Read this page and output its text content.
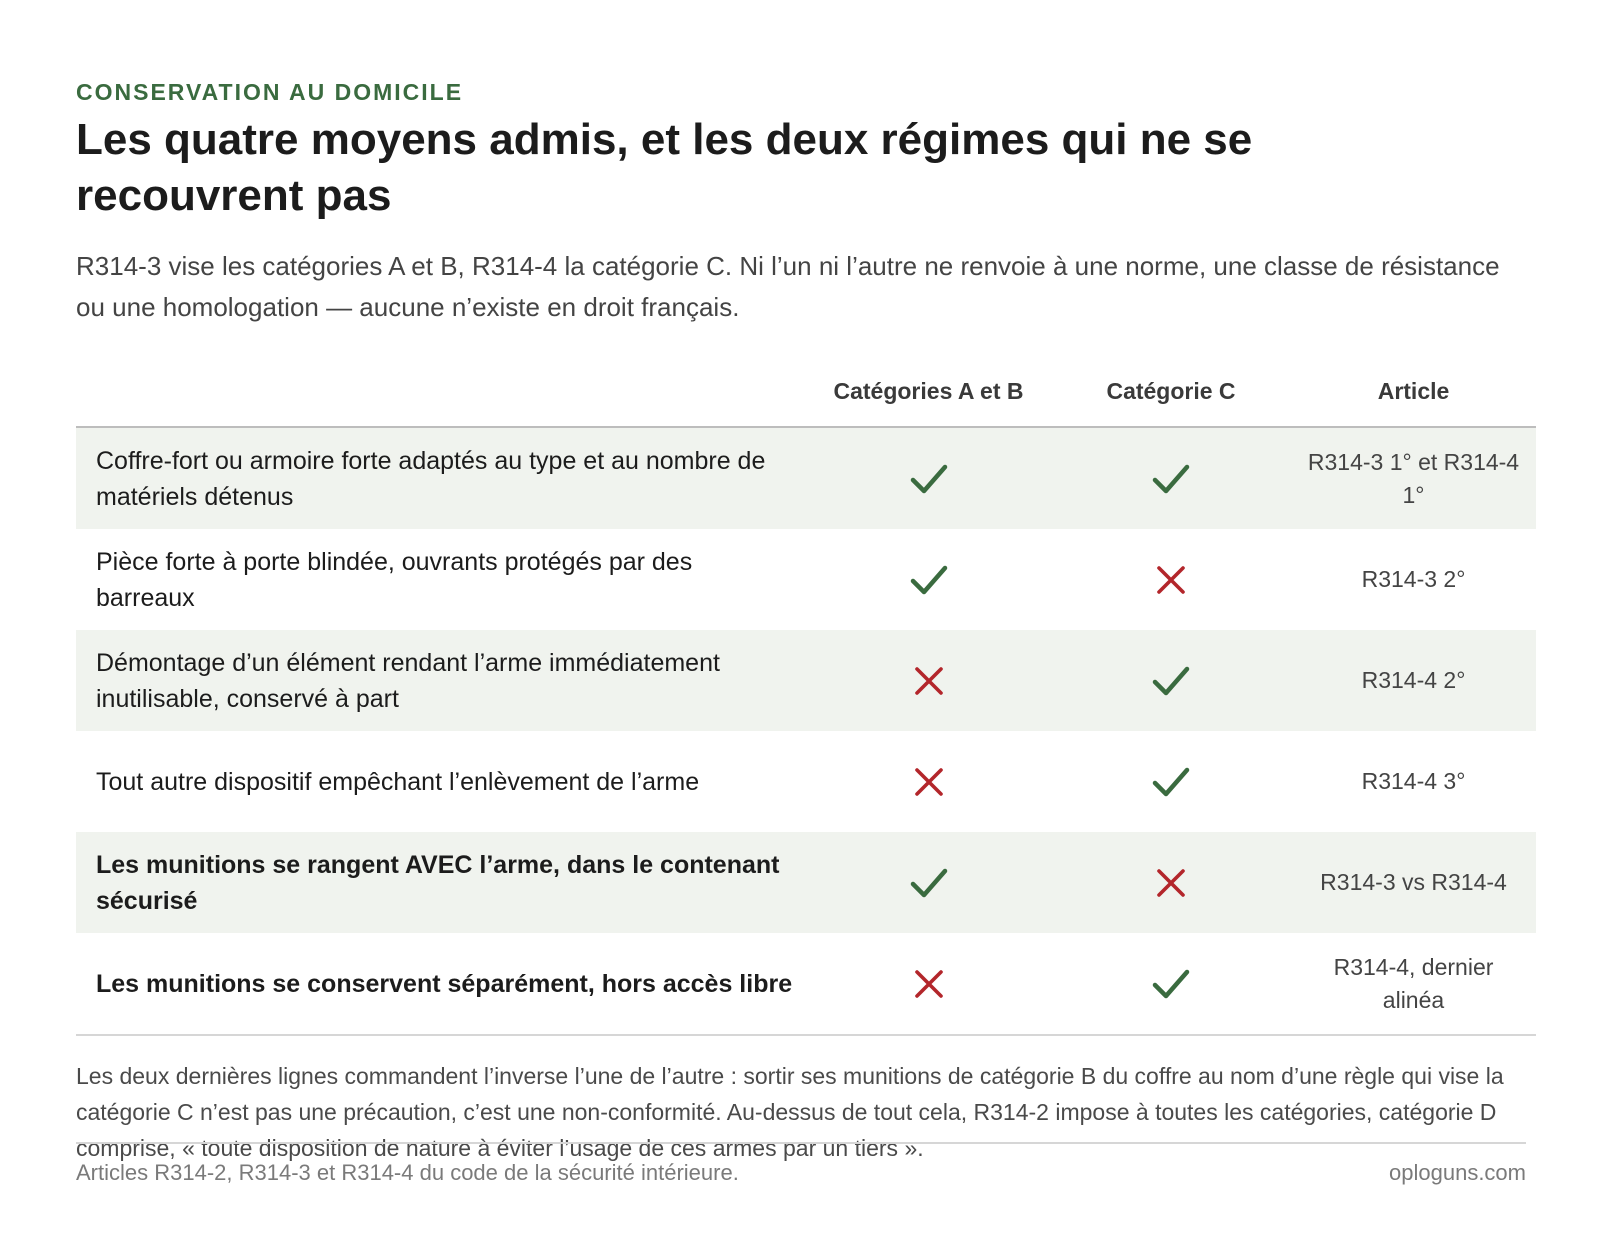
CONSERVATION AU DOMICILE

Les quatre moyens admis, et les deux régimes qui ne se recouvrent pas

R314-3 vise les catégories A et B, R314-4 la catégorie C. Ni l’un ni l’autre ne renvoie à une norme, une classe de résistance ou une homologation — aucune n’existe en droit français.

	Catégories A et B	Catégorie C	Article
Coffre-fort ou armoire forte adaptés au type et au nombre de matériels détenus			R314-3 1° et R314-4 1°
Pièce forte à porte blindée, ouvrants protégés par des barreaux			R314-3 2°
Démontage d’un élément rendant l’arme immédiatement inutilisable, conservé à part			R314-4 2°
Tout autre dispositif empêchant l’enlèvement de l’arme			R314-4 3°
Les munitions se rangent AVEC l’arme, dans le contenant sécurisé			R314-3 vs R314-4
Les munitions se conservent séparément, hors accès libre			R314-4, dernier alinéa

Les deux dernières lignes commandent l’inverse l’une de l’autre : sortir ses munitions de catégorie B du coffre au nom d’une règle qui vise la catégorie C n’est pas une précaution, c’est une non-conformité. Au-dessus de tout cela, R314-2 impose à toutes les catégories, catégorie D comprise, « toute disposition de nature à éviter l’usage de ces armes par un tiers ».

Articles R314-2, R314-3 et R314-4 du code de la sécurité intérieure.	oploguns.com
